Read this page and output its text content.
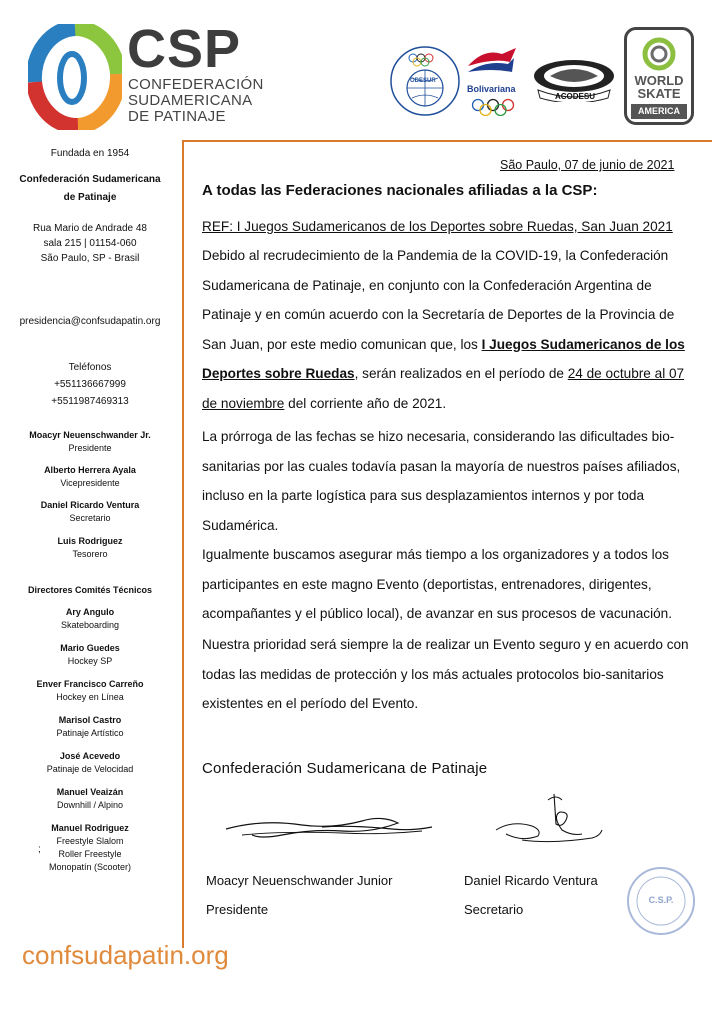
CSP
CONFEDERACIÓN
SUDAMERICANA
DE PATINAJE
ODESUR
Bolivariana
ACODESU
WORLD
SKATE
AMERICA
Fundada en 1954
Confederación Sudamericana
de Patinaje
Rua Mario de Andrade 48
sala 215 | 01154-060
São Paulo, SP - Brasil
presidencia@confsudapatin.org
Teléfonos
+551136667999
+5511987469313
Moacyr Neuenschwander Jr.
Presidente
Alberto Herrera Ayala
Vicepresidente
Daniel Ricardo Ventura
Secretario
Luis Rodriguez
Tesorero
Directores Comités Técnicos
Ary Angulo
Skateboarding
Mario Guedes
Hockey SP
Enver Francisco Carreño
Hockey en Línea
Marisol Castro
Patinaje Artístico
José Acevedo
Patinaje de Velocidad
Manuel Veaizán
Downhill / Alpino
Manuel Rodriguez
Freestyle Slalom
Roller Freestyle
Monopatín (Scooter)
;
São Paulo, 07 de junio de 2021
A todas las Federaciones nacionales afiliadas a la CSP:
REF: I Juegos Sudamericanos de los Deportes sobre Ruedas, San Juan 2021
Debido al recrudecimiento de la Pandemia de la COVID-19, la Confederación Sudamericana de Patinaje, en conjunto con la Confederación Argentina de Patinaje y en común acuerdo con la Secretaría de Deportes de la Provincia de San Juan, por este medio comunican que, los I Juegos Sudamericanos de los Deportes sobre Ruedas, serán realizados en el período de 24 de octubre al 07 de noviembre del corriente año de 2021.
La prórroga de las fechas se hizo necesaria, considerando las dificultades bio-sanitarias por las cuales todavía pasan la mayoría de nuestros países afiliados, incluso en la parte logística para sus desplazamientos internos y por toda Sudamérica.
Igualmente buscamos asegurar más tiempo a los organizadores y a todos los participantes en este magno Evento (deportistas, entrenadores, dirigentes, acompañantes y el público local), de avanzar en sus procesos de vacunación.
Nuestra prioridad será siempre la de realizar un Evento seguro y en acuerdo con todas las medidas de protección y los más actuales protocolos bio-sanitarios existentes en el período del Evento.
Confederación Sudamericana de Patinaje
Moacyr Neuenschwander Junior
Presidente
Daniel Ricardo Ventura
Secretario
C.S.P.
confsudapatin.org
